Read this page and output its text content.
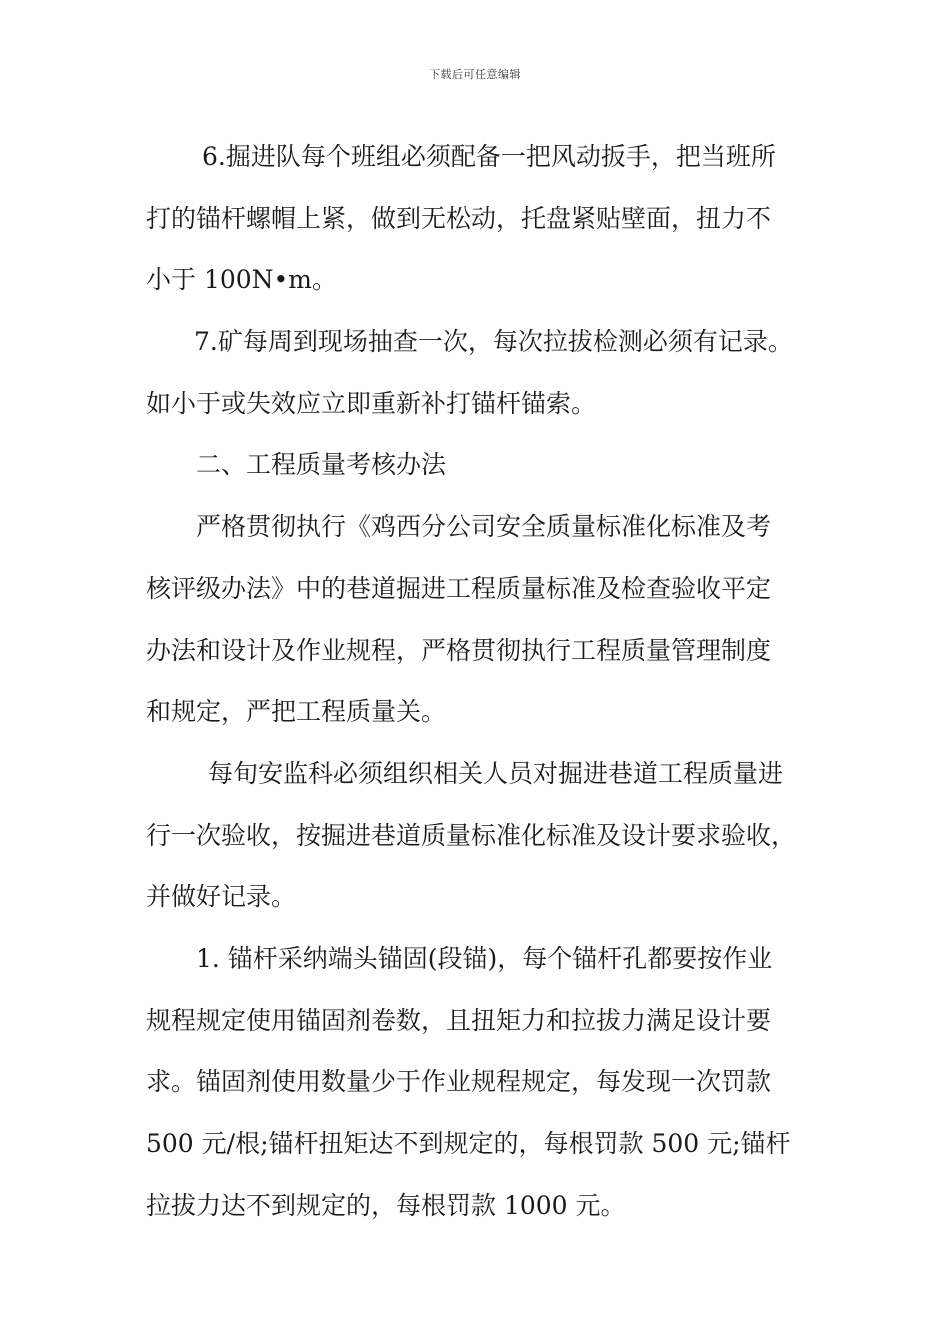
下载后可任意编辑
6.掘进队每个班组必须配备一把风动扳手，把当班所
打的锚杆螺帽上紧，做到无松动，托盘紧贴壁面，扭力不
小于 100N•m。
7.矿每周到现场抽查一次，每次拉拔检测必须有记录。
如小于或失效应立即重新补打锚杆锚索。
二、工程质量考核办法
严格贯彻执行《鸡西分公司安全质量标准化标准及考
核评级办法》中的巷道掘进工程质量标准及检查验收平定
办法和设计及作业规程，严格贯彻执行工程质量管理制度
和规定，严把工程质量关。
每旬安监科必须组织相关人员对掘进巷道工程质量进
行一次验收，按掘进巷道质量标准化标准及设计要求验收，
并做好记录。
1. 锚杆采纳端头锚固(段锚)，每个锚杆孔都要按作业
规程规定使用锚固剂卷数，且扭矩力和拉拔力满足设计要
求。锚固剂使用数量少于作业规程规定，每发现一次罚款
500 元/根;锚杆扭矩达不到规定的，每根罚款 500 元;锚杆
拉拔力达不到规定的，每根罚款 1000 元。
